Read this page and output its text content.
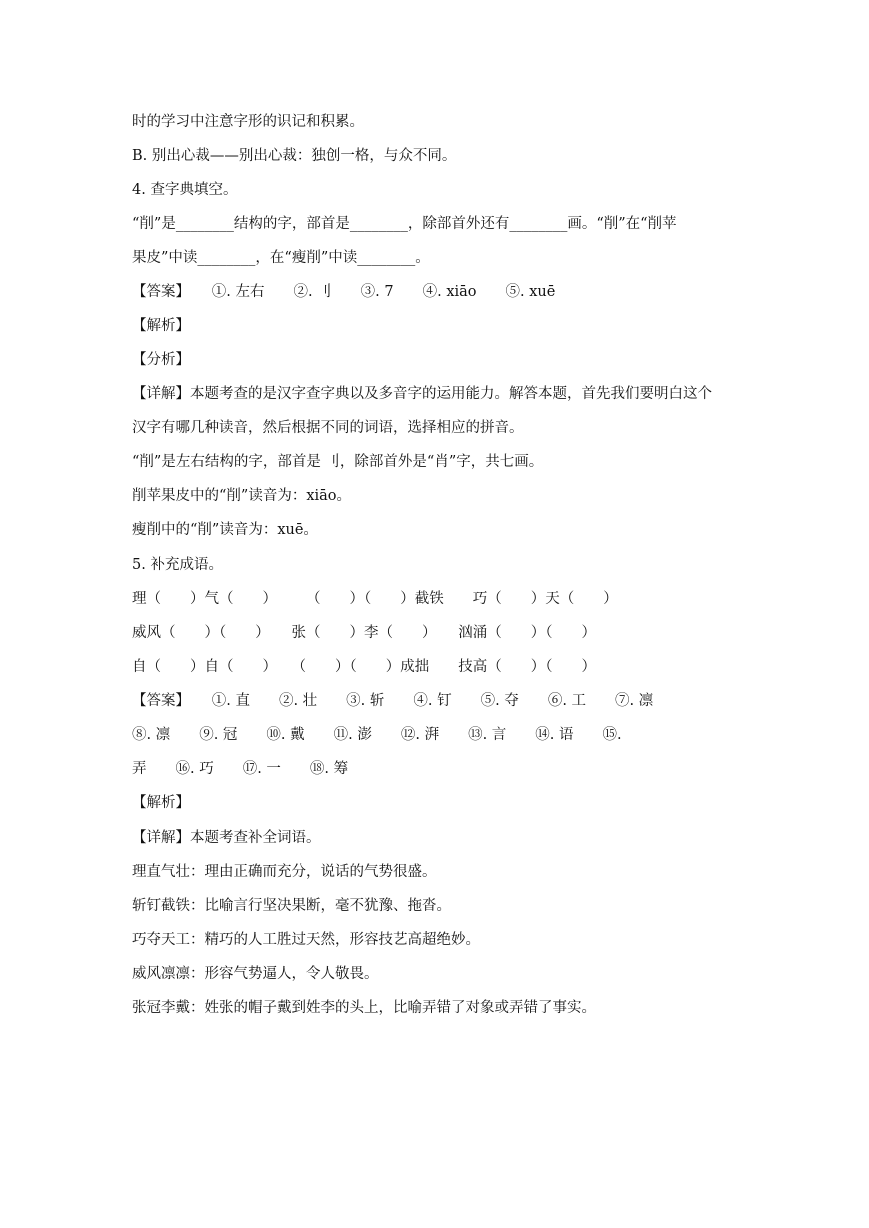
时的学习中注意字形的识记和积累。
B. 别出心裁——别出心裁：独创一格，与众不同。
4. 查字典填空。
“削”是________结构的字，部首是________，除部首外还有________画。“削”在“削苹
果皮”中读________，在“瘦削”中读________。
【答案】　　①. 左右　　②. 刂　　③. 7　　④. xiāo　　⑤. xuē
【解析】
【分析】
【详解】本题考查的是汉字查字典以及多音字的运用能力。解答本题，首先我们要明白这个
汉字有哪几种读音，然后根据不同的词语，选择相应的拼音。
“削”是左右结构的字，部首是 刂，除部首外是“肖”字，共七画。
削苹果皮中的“削”读音为：xiāo。
瘦削中的“削”读音为：xuē。
5. 补充成语。
理（　　）气（　　）　　　（　　）（　　）截铁　　巧（　　）天（　　）
威风（　　）（　　）　　张（　　）李（　　）　　汹涌（　　）（　　）
自（　　）自（　　）　　（　　）（　　）成拙　　技高（　　）（　　）
【答案】　　①. 直　　②. 壮　　③. 斩　　④. 钉　　⑤. 夺　　⑥. 工　　⑦. 凛
⑧. 凛　　⑨. 冠　　⑩. 戴　　⑪. 澎　　⑫. 湃　　⑬. 言　　⑭. 语　　⑮.
弄　　⑯. 巧　　⑰. 一　　⑱. 筹
【解析】
【详解】本题考查补全词语。
理直气壮：理由正确而充分，说话的气势很盛。
斩钉截铁：比喻言行坚决果断，毫不犹豫、拖沓。
巧夺天工：精巧的人工胜过天然，形容技艺高超绝妙。
威风凛凛：形容气势逼人，令人敬畏。
张冠李戴：姓张的帽子戴到姓李的头上，比喻弄错了对象或弄错了事实。
